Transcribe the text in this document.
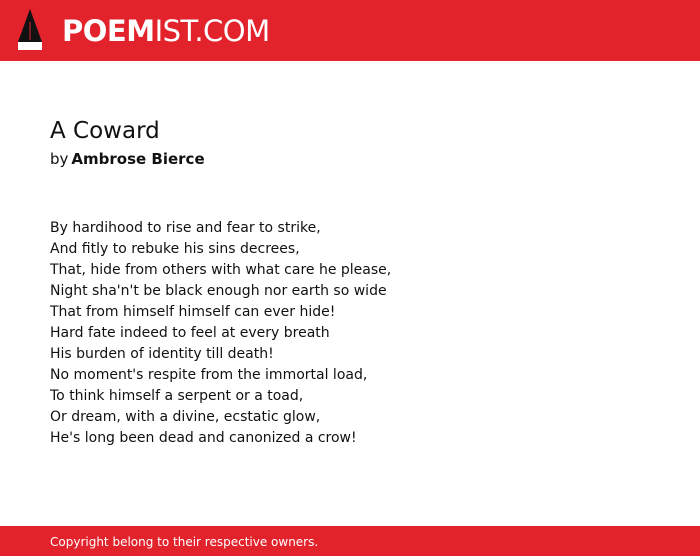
POEMIST.COM
A Coward
by Ambrose Bierce
By hardihood to rise and fear to strike,
And fitly to rebuke his sins decrees,
That, hide from others with what care he please,
Night sha'n't be black enough nor earth so wide
That from himself himself can ever hide!
Hard fate indeed to feel at every breath
His burden of identity till death!
No moment's respite from the immortal load,
To think himself a serpent or a toad,
Or dream, with a divine, ecstatic glow,
He's long been dead and canonized a crow!
Copyright belong to their respective owners.
